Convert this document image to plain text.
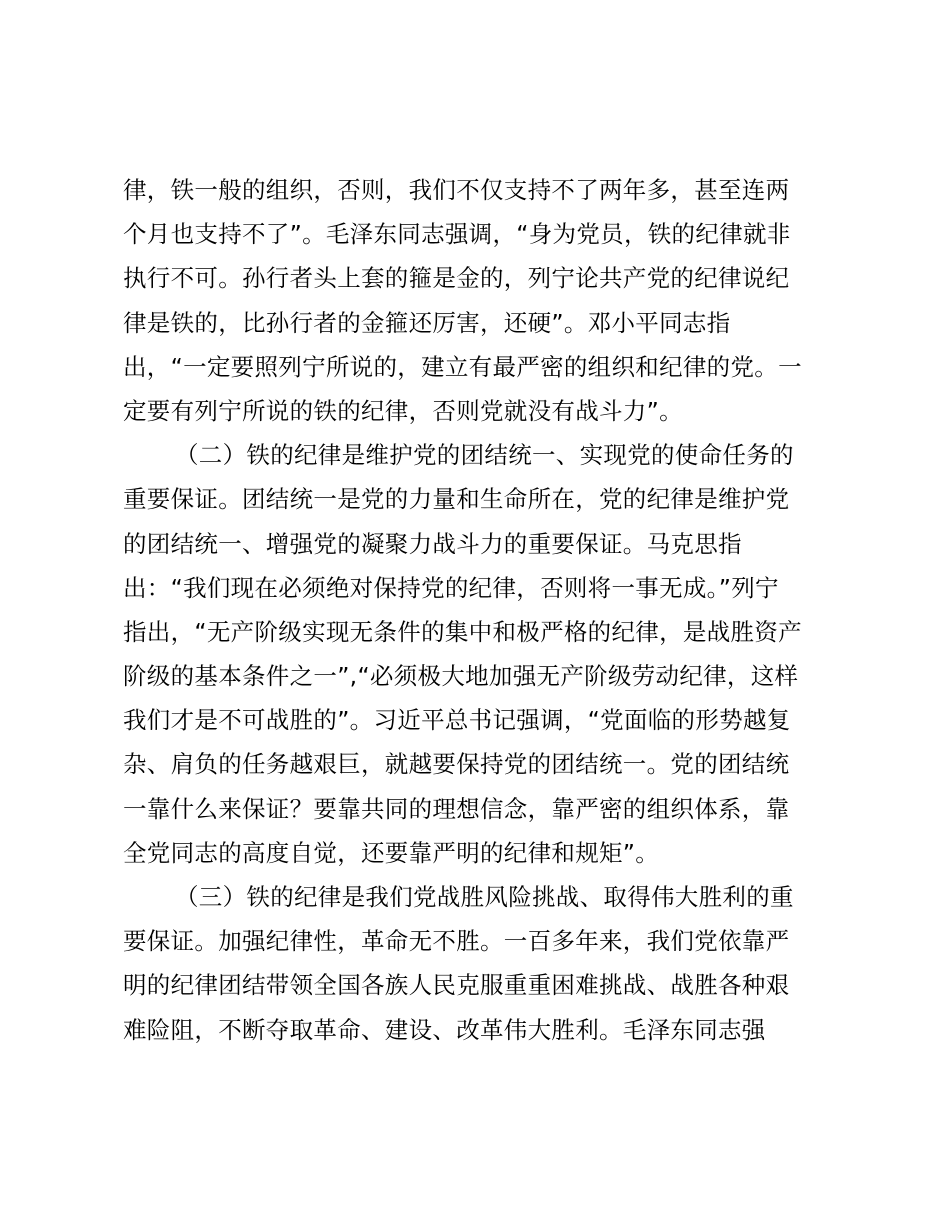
律，铁一般的组织，否则，我们不仅支持不了两年多，甚至连两
个月也支持不了”。毛泽东同志强调，“身为党员，铁的纪律就非
执行不可。孙行者头上套的箍是金的，列宁论共产党的纪律说纪
律是铁的，比孙行者的金箍还厉害，还硬”。邓小平同志指
出，“一定要照列宁所说的，建立有最严密的组织和纪律的党。一
定要有列宁所说的铁的纪律，否则党就没有战斗力”。
（二）铁的纪律是维护党的团结统一、实现党的使命任务的
重要保证。团结统一是党的力量和生命所在，党的纪律是维护党
的团结统一、增强党的凝聚力战斗力的重要保证。马克思指
出：“我们现在必须绝对保持党的纪律，否则将一事无成。”列宁
指出，“无产阶级实现无条件的集中和极严格的纪律，是战胜资产
阶级的基本条件之一”,“必须极大地加强无产阶级劳动纪律，这样
我们才是不可战胜的”。习近平总书记强调，“党面临的形势越复
杂、肩负的任务越艰巨，就越要保持党的团结统一。党的团结统
一靠什么来保证？要靠共同的理想信念，靠严密的组织体系，靠
全党同志的高度自觉，还要靠严明的纪律和规矩”。
（三）铁的纪律是我们党战胜风险挑战、取得伟大胜利的重
要保证。加强纪律性，革命无不胜。一百多年来，我们党依靠严
明的纪律团结带领全国各族人民克服重重困难挑战、战胜各种艰
难险阻，不断夺取革命、建设、改革伟大胜利。毛泽东同志强
